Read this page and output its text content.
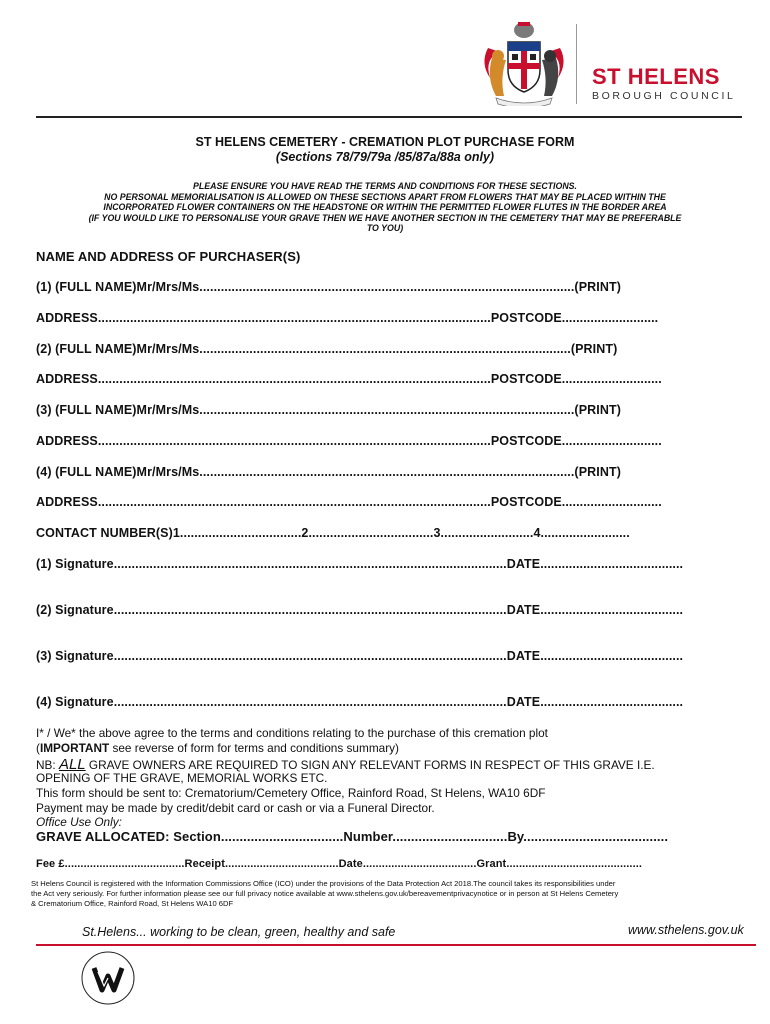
ST HELENS
BOROUGH COUNCIL
ST HELENS CEMETERY - CREMATION PLOT PURCHASE FORM
(Sections 78/79/79a /85/87a/88a only)
PLEASE ENSURE YOU HAVE READ THE TERMS AND CONDITIONS FOR THESE SECTIONS.
NO PERSONAL MEMORIALISATION IS ALLOWED ON THESE SECTIONS APART FROM FLOWERS THAT MAY BE PLACED WITHIN THE
INCORPORATED FLOWER CONTAINERS ON THE HEADSTONE OR WITHIN THE PERMITTED FLOWER FLUTES IN THE BORDER AREA
(IF YOU WOULD LIKE TO PERSONALISE YOUR GRAVE THEN WE HAVE ANOTHER SECTION IN THE CEMETERY THAT MAY BE PREFERABLE
TO YOU)
NAME AND ADDRESS OF PURCHASER(S)
(1) (FULL NAME)Mr/Mrs/Ms.........................................................................................................(PRINT)
ADDRESS..............................................................................................................POSTCODE...........................
(2) (FULL NAME)Mr/Mrs/Ms........................................................................................................(PRINT)
ADDRESS..............................................................................................................POSTCODE............................
(3) (FULL NAME)Mr/Mrs/Ms.........................................................................................................(PRINT)
ADDRESS..............................................................................................................POSTCODE............................
(4) (FULL NAME)Mr/Mrs/Ms.........................................................................................................(PRINT)
ADDRESS..............................................................................................................POSTCODE............................
CONTACT NUMBER(S)1..................................2...................................3..........................4.........................
(1) Signature..............................................................................................................DATE........................................
(2) Signature..............................................................................................................DATE........................................
(3) Signature..............................................................................................................DATE........................................
(4) Signature..............................................................................................................DATE........................................
I* / We* the above agree to the terms and conditions relating to the purchase of this cremation plot
(IMPORTANT see reverse of form for terms and conditions summary)
NB: ALL GRAVE OWNERS ARE REQUIRED TO SIGN ANY RELEVANT FORMS IN RESPECT OF THIS GRAVE I.E.
OPENING OF THE GRAVE, MEMORIAL WORKS ETC.
This form should be sent to: Crematorium/Cemetery Office, Rainford Road, St Helens, WA10 6DF
Payment may be made by credit/debit card or cash or via a Funeral Director.
Office Use Only:
GRAVE ALLOCATED: Section.................................Number...............................By.......................................
Fee £......................................Receipt....................................Date....................................Grant...........................................
St Helens Council is registered with the Information Commissions Office (ICO) under the provisions of the Data Protection Act 2018.The council takes its responsibilities under
the Act very seriously. For further information please see our full privacy notice available at www.sthelens.gov.uk/bereavementprivacynotice or in person at St Helens Cemetery
& Crematorium Office, Rainford Road, St Helens WA10 6DF
St.Helens... working to be clean, green, healthy and safe	www.sthelens.gov.uk
